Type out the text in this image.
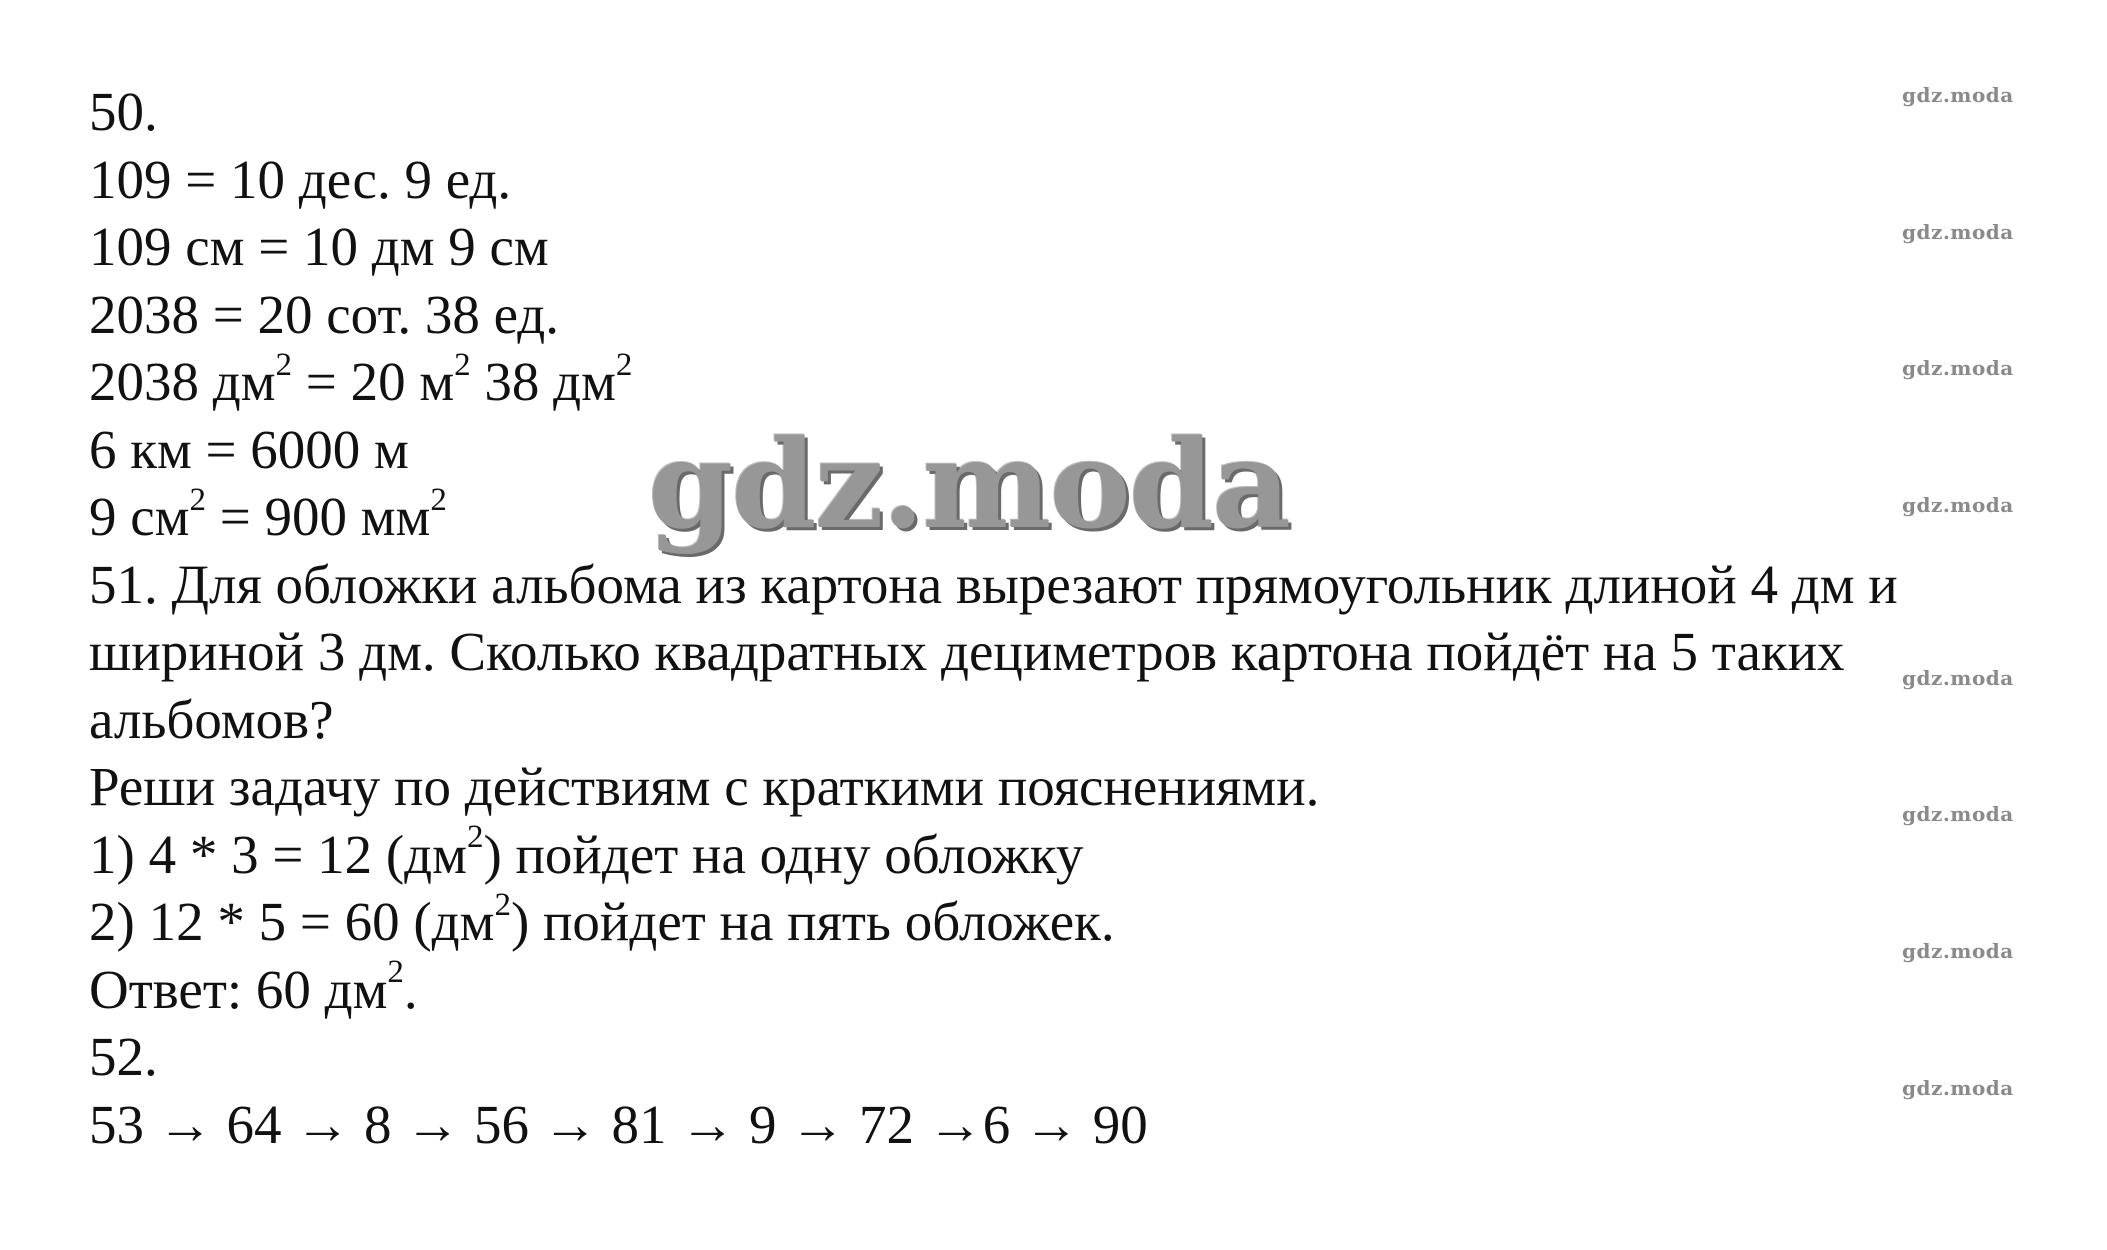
50.
109 = 10 дес. 9 ед.
109 см = 10 дм 9 см
2038 = 20 сот. 38 ед.
2038 $дм^2 = 20$ $м^2$ 38 $дм^2$
6 км = 6000 м
9 $см^2 = 900$ $мм^2$
51. Для обложки альбома из картона вырезают прямоугольник длиной 4 дм и
шириной 3 дм. Сколько квадратных дециметров картона пойдёт на 5 таких
альбомов?
Реши задачу по действиям с краткими пояснениями.
1) 4 * 3 = 12 $(дм^2)$ пойдет на одну обложку
2) 12 * 5 = 60 $(дм^2)$ пойдет на пять обложек.
Ответ: 60 $дм^2$.
52.
53 → 64 → 8 → 56 → 81 → 9 → 72 →6 → 90
gdz.moda
gdz.moda
gdz.moda
gdz.moda
gdz.moda
gdz.moda
gdz.moda
gdz.moda
gdz.moda
